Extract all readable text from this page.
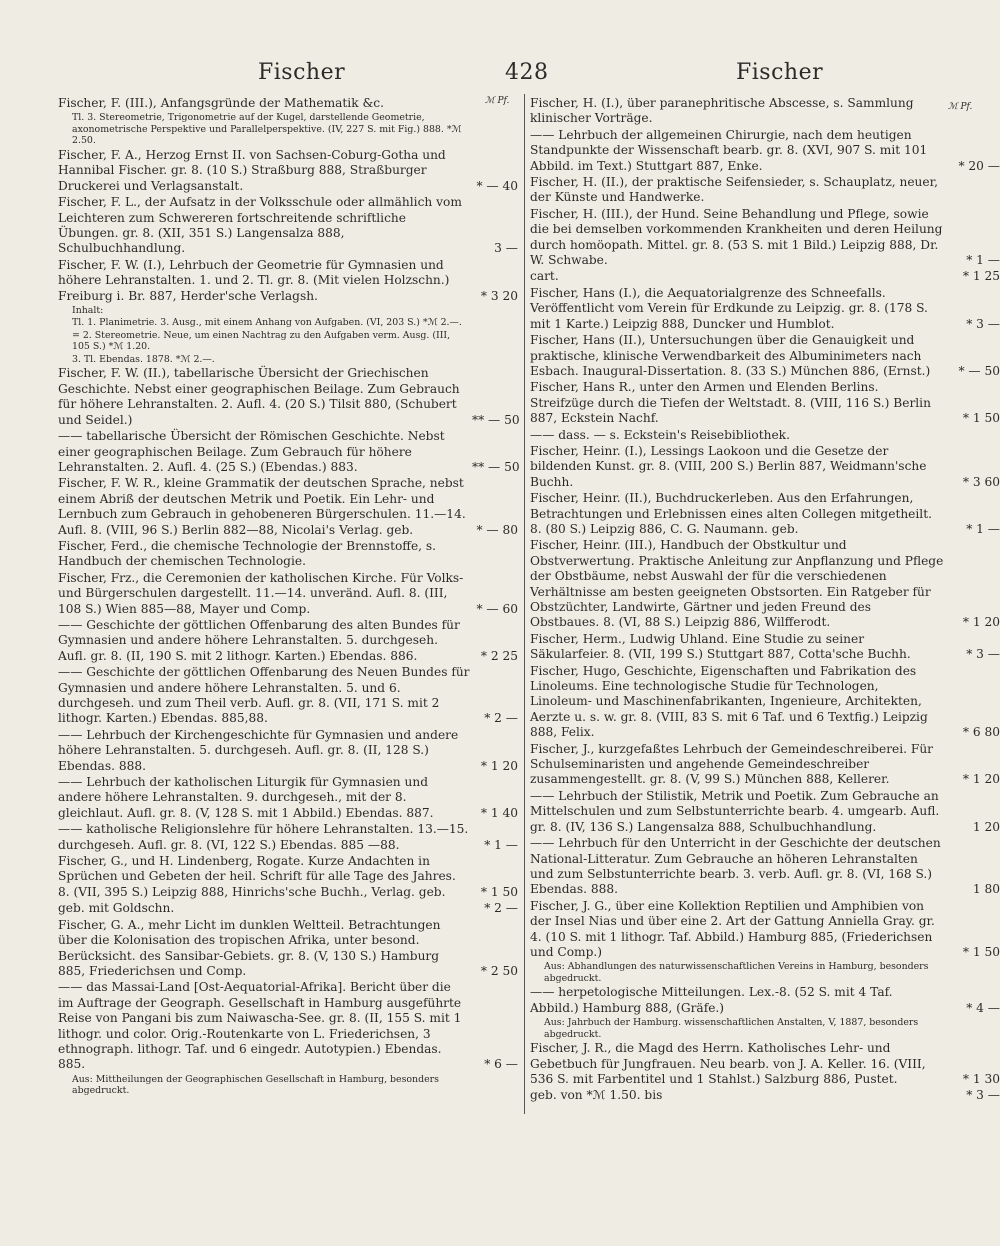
Fischer	428	Fischer
ℳ Pf.
ℳ Pf.
Fischer, F. (III.), Anfangsgründe der Mathematik &c.
Tl. 3. Stereometrie, Trigonometrie auf der Kugel, darstellende Geometrie, axonometrische Perspektive und Parallelperspektive. (IV, 227 S. mit Fig.) 888. *ℳ 2.50.
Fischer, F. A., Herzog Ernst II. von Sachsen-Coburg-Gotha und Hannibal Fischer. gr. 8. (10 S.) Straßburg 888, Straßburger Druckerei und Verlagsanstalt.	* — 40
Fischer, F. L., der Aufsatz in der Volksschule oder allmählich vom Leichteren zum Schwereren fortschreitende schriftliche Übungen. gr. 8. (XII, 351 S.) Langensalza 888, Schulbuchhandlung.	3 —
Fischer, F. W. (I.), Lehrbuch der Geometrie für Gymnasien und höhere Lehranstalten. 1. und 2. Tl. gr. 8. (Mit vielen Holzschn.) Freiburg i. Br. 887, Herder'sche Verlagsh.	* 3 20
Inhalt:
Tl. 1. Planimetrie. 3. Ausg., mit einem Anhang von Aufgaben. (VI, 203 S.) *ℳ 2.—.
= 2. Stereometrie. Neue, um einen Nachtrag zu den Aufgaben verm. Ausg. (III, 105 S.) *ℳ 1.20.
3. Tl. Ebendas. 1878. *ℳ 2.—.
Fischer, F. W. (II.), tabellarische Übersicht der Griechischen Geschichte. Nebst einer geographischen Beilage. Zum Gebrauch für höhere Lehranstalten. 2. Aufl. 4. (20 S.) Tilsit 880, (Schubert und Seidel.)	** — 50
—— tabellarische Übersicht der Römischen Geschichte. Nebst einer geographischen Beilage. Zum Gebrauch für höhere Lehranstalten. 2. Aufl. 4. (25 S.) (Ebendas.) 883.	** — 50
Fischer, F. W. R., kleine Grammatik der deutschen Sprache, nebst einem Abriß der deutschen Metrik und Poetik. Ein Lehr- und Lernbuch zum Gebrauch in gehobeneren Bürgerschulen. 11.—14. Aufl. 8. (VIII, 96 S.) Berlin 882—88, Nicolai's Verlag. geb.	* — 80
Fischer, Ferd., die chemische Technologie der Brennstoffe, s. Handbuch der chemischen Technologie.
Fischer, Frz., die Ceremonien der katholischen Kirche. Für Volks- und Bürgerschulen dargestellt. 11.—14. unveränd. Aufl. 8. (III, 108 S.) Wien 885—88, Mayer und Comp.	* — 60
—— Geschichte der göttlichen Offenbarung des alten Bundes für Gymnasien und andere höhere Lehranstalten. 5. durchgeseh. Aufl. gr. 8. (II, 190 S. mit 2 lithogr. Karten.) Ebendas. 886.	* 2 25
—— Geschichte der göttlichen Offenbarung des Neuen Bundes für Gymnasien und andere höhere Lehranstalten. 5. und 6. durchgeseh. und zum Theil verb. Aufl. gr. 8. (VII, 171 S. mit 2 lithogr. Karten.) Ebendas. 885,88.	* 2 —
—— Lehrbuch der Kirchengeschichte für Gymnasien und andere höhere Lehranstalten. 5. durchgeseh. Aufl. gr. 8. (II, 128 S.) Ebendas. 888.	* 1 20
—— Lehrbuch der katholischen Liturgik für Gymnasien und andere höhere Lehranstalten. 9. durchgeseh., mit der 8. gleichlaut. Aufl. gr. 8. (V, 128 S. mit 1 Abbild.) Ebendas. 887.	* 1 40
—— katholische Religionslehre für höhere Lehranstalten. 13.—15. durchgeseh. Aufl. gr. 8. (VI, 122 S.) Ebendas. 885 —88.	* 1 —
Fischer, G., und H. Lindenberg, Rogate. Kurze Andachten in Sprüchen und Gebeten der heil. Schrift für alle Tage des Jahres. 8. (VII, 395 S.) Leipzig 888, Hinrichs'sche Buchh., Verlag. geb.	* 1 50
geb. mit Goldschn.	* 2 —
Fischer, G. A., mehr Licht im dunklen Weltteil. Betrachtungen über die Kolonisation des tropischen Afrika, unter besond. Berücksicht. des Sansibar-Gebiets. gr. 8. (V, 130 S.) Hamburg 885, Friederichsen und Comp.	* 2 50
—— das Massai-Land [Ost-Aequatorial-Afrika]. Bericht über die im Auftrage der Geograph. Gesellschaft in Hamburg ausgeführte Reise von Pangani bis zum Naiwascha-See. gr. 8. (II, 155 S. mit 1 lithogr. und color. Orig.-Routenkarte von L. Friederichsen, 3 ethnograph. lithogr. Taf. und 6 eingedr. Autotypien.) Ebendas. 885.	* 6 —
Aus: Mittheilungen der Geographischen Gesellschaft in Hamburg, besonders abgedruckt.
Fischer, H. (I.), über paranephritische Abscesse, s. Sammlung klinischer Vorträge.
—— Lehrbuch der allgemeinen Chirurgie, nach dem heutigen Standpunkte der Wissenschaft bearb. gr. 8. (XVI, 907 S. mit 101 Abbild. im Text.) Stuttgart 887, Enke.	* 20 —
Fischer, H. (II.), der praktische Seifensieder, s. Schauplatz, neuer, der Künste und Handwerke.
Fischer, H. (III.), der Hund. Seine Behandlung und Pflege, sowie die bei demselben vorkommenden Krankheiten und deren Heilung durch homöopath. Mittel. gr. 8. (53 S. mit 1 Bild.) Leipzig 888, Dr. W. Schwabe.	* 1 —
cart.	* 1 25
Fischer, Hans (I.), die Aequatorialgrenze des Schneefalls. Veröffentlicht vom Verein für Erdkunde zu Leipzig. gr. 8. (178 S. mit 1 Karte.) Leipzig 888, Duncker und Humblot.	* 3 —
Fischer, Hans (II.), Untersuchungen über die Genauigkeit und praktische, klinische Verwendbarkeit des Albuminimeters nach Esbach. Inaugural-Dissertation. 8. (33 S.) München 886, (Ernst.)	* — 50
Fischer, Hans R., unter den Armen und Elenden Berlins. Streifzüge durch die Tiefen der Weltstadt. 8. (VIII, 116 S.) Berlin 887, Eckstein Nachf.	* 1 50
—— dass. — s. Eckstein's Reisebibliothek.
Fischer, Heinr. (I.), Lessings Laokoon und die Gesetze der bildenden Kunst. gr. 8. (VIII, 200 S.) Berlin 887, Weidmann'sche Buchh.	* 3 60
Fischer, Heinr. (II.), Buchdruckerleben. Aus den Erfahrungen, Betrachtungen und Erlebnissen eines alten Collegen mitgetheilt. 8. (80 S.) Leipzig 886, C. G. Naumann. geb.	* 1 —
Fischer, Heinr. (III.), Handbuch der Obstkultur und Obstverwertung. Praktische Anleitung zur Anpflanzung und Pflege der Obstbäume, nebst Auswahl der für die verschiedenen Verhältnisse am besten geeigneten Obstsorten. Ein Ratgeber für Obstzüchter, Landwirte, Gärtner und jeden Freund des Obstbaues. 8. (VI, 88 S.) Leipzig 886, Wilfferodt.	* 1 20
Fischer, Herm., Ludwig Uhland. Eine Studie zu seiner Säkularfeier. 8. (VII, 199 S.) Stuttgart 887, Cotta'sche Buchh.	* 3 —
Fischer, Hugo, Geschichte, Eigenschaften und Fabrikation des Linoleums. Eine technologische Studie für Technologen, Linoleum- und Maschinenfabrikanten, Ingenieure, Architekten, Aerzte u. s. w. gr. 8. (VIII, 83 S. mit 6 Taf. und 6 Textfig.) Leipzig 888, Felix.	* 6 80
Fischer, J., kurzgefaßtes Lehrbuch der Gemeindeschreiberei. Für Schulseminaristen und angehende Gemeindeschreiber zusammengestellt. gr. 8. (V, 99 S.) München 888, Kellerer.	* 1 20
—— Lehrbuch der Stilistik, Metrik und Poetik. Zum Gebrauche an Mittelschulen und zum Selbstunterrichte bearb. 4. umgearb. Aufl. gr. 8. (IV, 136 S.) Langensalza 888, Schulbuchhandlung.	1 20
—— Lehrbuch für den Unterricht in der Geschichte der deutschen National-Litteratur. Zum Gebrauche an höheren Lehranstalten und zum Selbstunterrichte bearb. 3. verb. Aufl. gr. 8. (VI, 168 S.) Ebendas. 888.	1 80
Fischer, J. G., über eine Kollektion Reptilien und Amphibien von der Insel Nias und über eine 2. Art der Gattung Anniella Gray. gr. 4. (10 S. mit 1 lithogr. Taf. Abbild.) Hamburg 885, (Friederichsen und Comp.)	* 1 50
Aus: Abhandlungen des naturwissenschaftlichen Vereins in Hamburg, besonders abgedruckt.
—— herpetologische Mitteilungen. Lex.-8. (52 S. mit 4 Taf. Abbild.) Hamburg 888, (Gräfe.)	* 4 —
Aus: Jahrbuch der Hamburg. wissenschaftlichen Anstalten, V, 1887, besonders abgedruckt.
Fischer, J. R., die Magd des Herrn. Katholisches Lehr- und Gebetbuch für Jungfrauen. Neu bearb. von J. A. Keller. 16. (VIII, 536 S. mit Farbentitel und 1 Stahlst.) Salzburg 886, Pustet.	* 1 30
geb. von *ℳ 1.50. bis	* 3 —
